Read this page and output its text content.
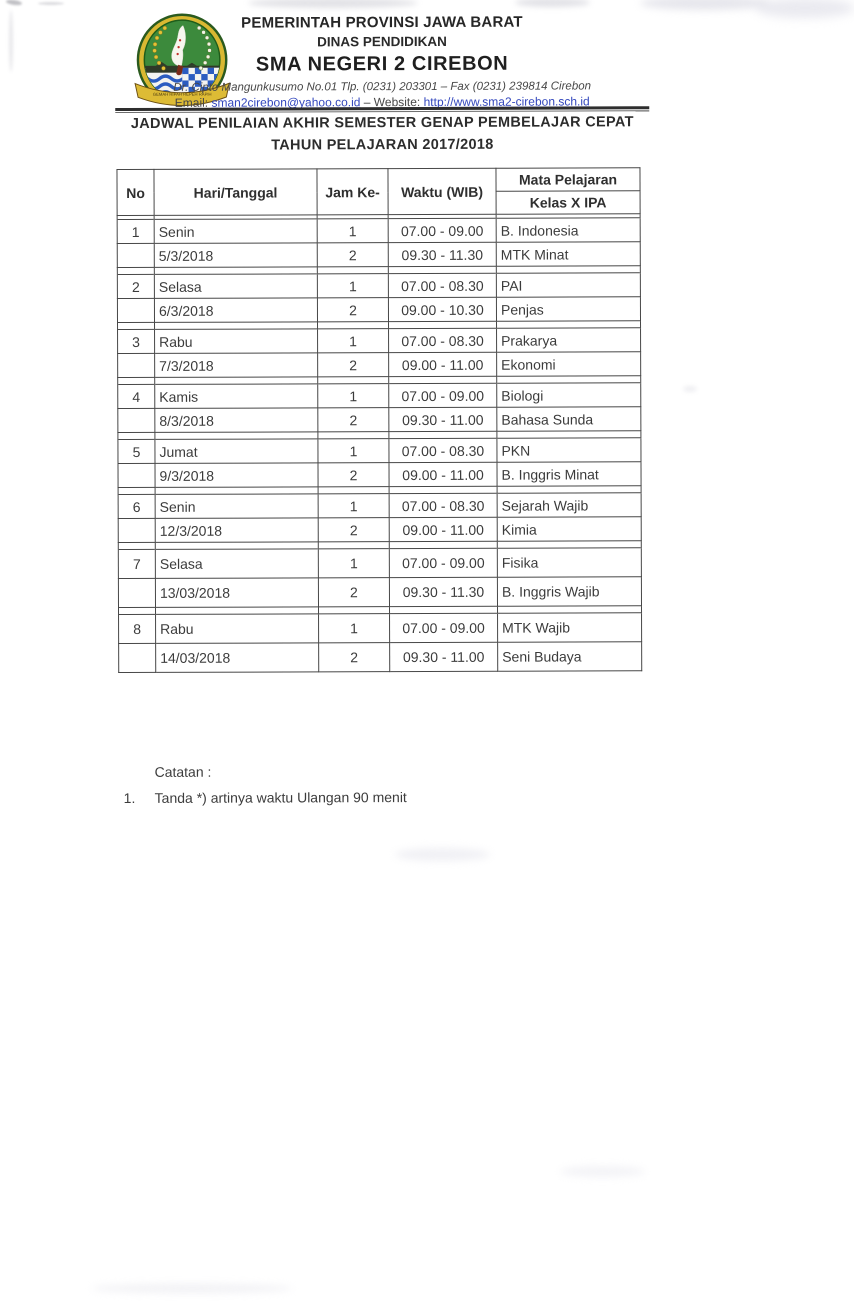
GEMAH RIPAH REPEH RAPIH
PEMERINTAH PROVINSI JAWA BARAT
DINAS PENDIDIKAN
SMA NEGERI 2 CIREBON
Dr. Cipto Mangunkusumo No.01 Tlp. (0231) 203301 – Fax (0231) 239814 Cirebon
Email: sman2cirebon@yahoo.co.id – Website: http://www.sma2-cirebon.sch.id
JADWAL PENILAIAN AKHIR SEMESTER GENAP PEMBELAJAR CEPAT
TAHUN PELAJARAN 2017/2018
No	Hari/Tanggal	Jam Ke-	Waktu (WIB)	Mata Pelajaran
				Kelas X IPA

1	Senin	1	07.00 - 09.00	B. Indonesia
	5/3/2018	2	09.30 - 11.30	MTK Minat

2	Selasa	1	07.00 - 08.30	PAI
	6/3/2018	2	09.00 - 10.30	Penjas

3	Rabu	1	07.00 - 08.30	Prakarya
	7/3/2018	2	09.00 - 11.00	Ekonomi

4	Kamis	1	07.00 - 09.00	Biologi
	8/3/2018	2	09.30 - 11.00	Bahasa Sunda

5	Jumat	1	07.00 - 08.30	PKN
	9/3/2018	2	09.00 - 11.00	B. Inggris Minat

6	Senin	1	07.00 - 08.30	Sejarah Wajib
	12/3/2018	2	09.00 - 11.00	Kimia

7	Selasa	1	07.00 - 09.00	Fisika
	13/03/2018	2	09.30 - 11.30	B. Inggris Wajib

8	Rabu	1	07.00 - 09.00	MTK Wajib
	14/03/2018	2	09.30 - 11.00	Seni Budaya
Catatan :
1.	Tanda *) artinya waktu Ulangan 90 menit
